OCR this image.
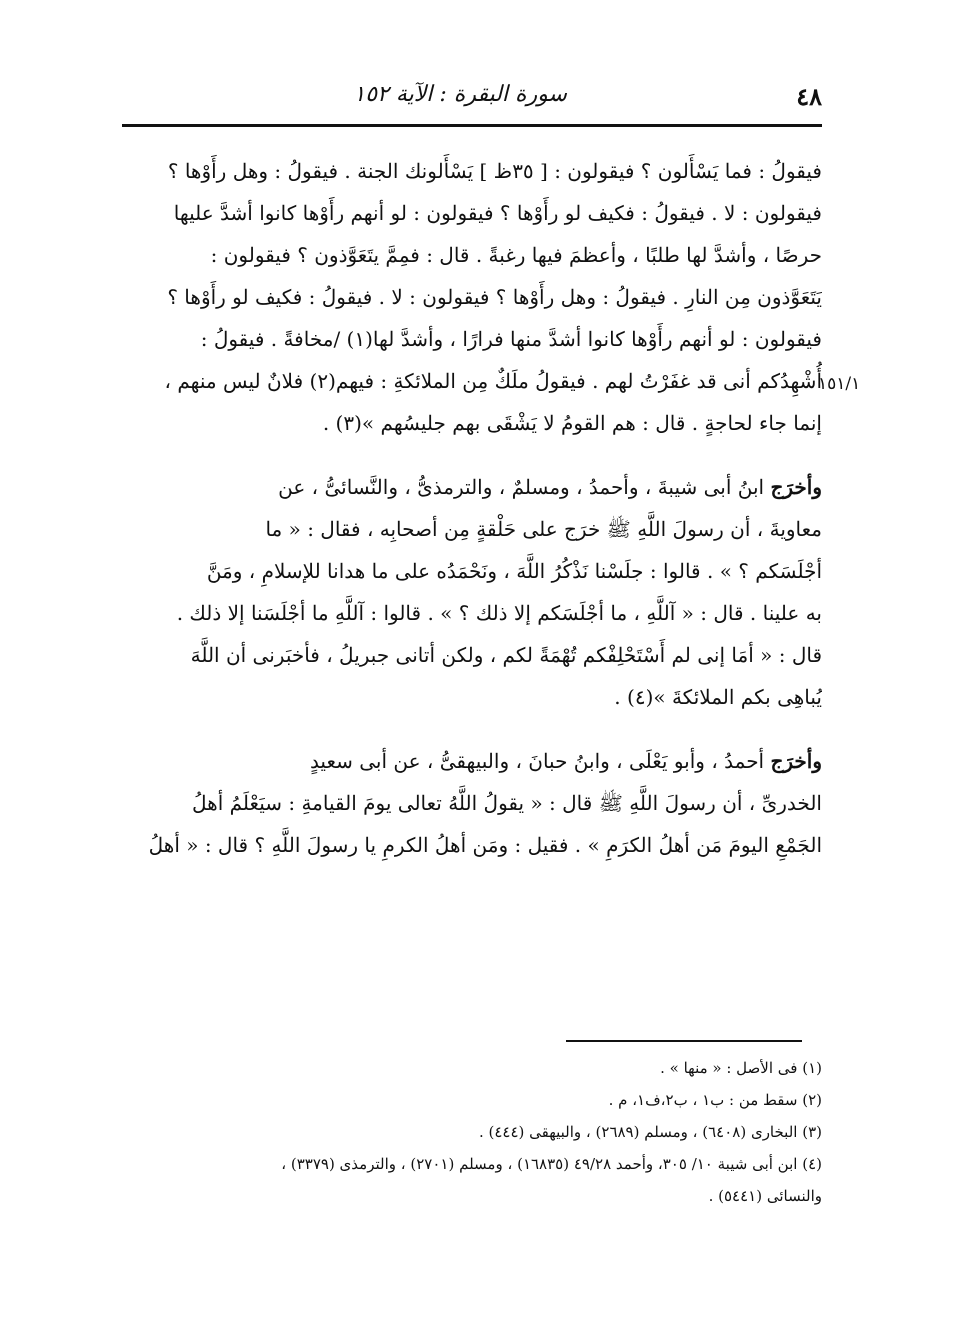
٤٨
سورة البقرة : الآية ١٥٢
١٥١/١
فيقولُ : فما يَسْأَلون ؟ فيقولون : [ ٣٥ظ ] يَسْأَلونك الجنة . فيقولُ : وهل رأَوْها ؟
فيقولون : لا . فيقولُ : فكيف لو رأَوْها ؟ فيقولون : لو أنهم رأَوْها كانوا أشدَّ عليها
حرصًا ، وأشدَّ لها طلبًا ، وأعظمَ فيها رغبةً . قال : فمِمَّ يتَعَوَّذون ؟ فيقولون :
يَتَعَوَّذون مِن النارِ . فيقولُ : وهل رأَوْها ؟ فيقولون : لا . فيقولُ : فكيف لو رأَوْها ؟
فيقولون : لو أنهم رأَوْها كانوا أشدَّ منها فرارًا ، وأشدَّ لها(١) /مخافةً . فيقولُ :
أُشْهِدُكم أنى قد غفَرْتُ لهم . فيقولُ ملَكٌ مِن الملائكةِ : فيهم(٢) فلانٌ ليس منهم ،
إنما جاء لحاجةٍ . قال : هم القومُ لا يَشْقَى بهم جليسُهم »(٣) .
وأخرَج ابنُ أبى شيبةَ ، وأحمدُ ، ومسلمٌ ، والترمذىُّ ، والنَّسائىُّ ، عن
معاويةَ ، أن رسولَ اللَّهِ ﷺ خرَج على حَلْقةٍ مِن أصحابِه ، فقال : « ما
أجْلَسَكم ؟ » . قالوا : جلَسْنا نَذْكُرُ اللَّهَ ، ونَحْمَدُه على ما هدانا للإسلامِ ، ومَنَّ
به علينا . قال : « آللَّهِ ، ما أجْلَسَكم إلا ذلك ؟ » . قالوا : آللَّهِ ما أجْلَسَنا إلا ذلك .
قال : « أمَا إنى لم أَسْتَحْلِفْكم تُهْمَةً لكم ، ولكن أتانى جبريلُ ، فأخبَرنى أن اللَّهَ
يُباهِى بكم الملائكةَ »(٤) .
وأخرَج أحمدُ ، وأبو يَعْلَى ، وابنُ حبانَ ، والبيهقىُّ ، عن أبى سعيدٍ
الخدرىِّ ، أن رسولَ اللَّهِ ﷺ قال : « يقولُ اللَّهُ تعالى يومَ القيامةِ : سيَعْلَمُ أهلُ
الجَمْعِ اليومَ مَن أهلُ الكرَمِ » . فقيل : ومَن أهلُ الكرمِ يا رسولَ اللَّهِ ؟ قال : « أهلُ
(١) فى الأصل : « منها » .
(٢) سقط من : ب١ ، ب٢،ف١، م .
(٣) البخارى (٦٤٠٨) ، ومسلم (٢٦٨٩) ، والبيهقى (٤٤٤) .
(٤) ابن أبى شيبة ١٠/ ٣٠٥، وأحمد ٤٩/٢٨ (١٦٨٣٥) ، ومسلم (٢٧٠١) ، والترمذى (٣٣٧٩) ،
والنسائى (٥٤٤١) .
